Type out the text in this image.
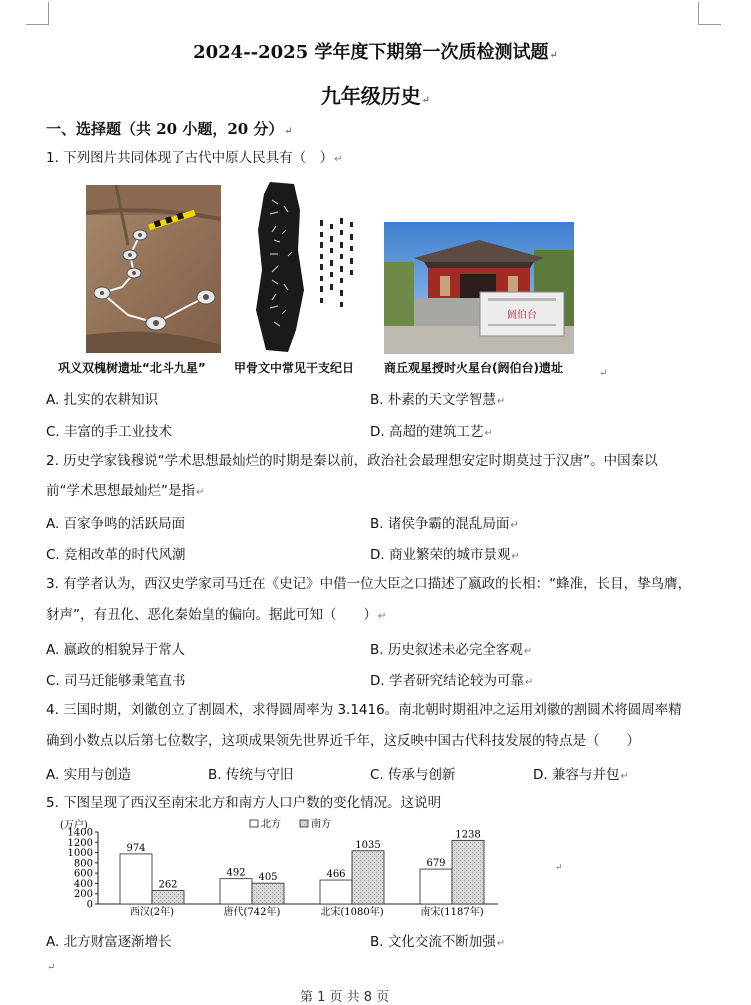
2024--2025 学年度下期第一次质检测试题↵
九年级历史↵
一、选择题（共 20 小题，20 分）↵
1. 下列图片共同体现了古代中原人民具有（　）↵
阏伯台
巩义双槐树遗址“北斗九星” 甲骨文中常见干支纪日 商丘观星授时火星台(阏伯台)遗址	↵
A. 扎实的农耕知识	B. 朴素的天文学智慧↵
C. 丰富的手工业技术	D. 高超的建筑工艺↵
2. 历史学家钱穆说“学术思想最灿烂的时期是秦以前，政治社会最理想安定时期莫过于汉唐”。中国秦以
前“学术思想最灿烂”是指↵
A. 百家争鸣的活跃局面	B. 诸侯争霸的混乱局面↵
C. 竞相改革的时代风潮	D. 商业繁荣的城市景观↵
3. 有学者认为，西汉史学家司马迁在《史记》中借一位大臣之口描述了嬴政的长相：“蜂准，长目，挚鸟膺，
豺声”，有丑化、恶化秦始皇的偏向。据此可知（　　）↵
A. 嬴政的相貌异于常人	B. 历史叙述未必完全客观↵
C. 司马迁能够秉笔直书	D. 学者研究结论较为可靠↵
4. 三国时期，刘徽创立了割圆术，求得圆周率为 3.1416。南北朝时期祖冲之运用刘徽的割圆术将圆周率精
确到小数点以后第七位数字，这项成果领先世界近千年，这反映中国古代科技发展的特点是（　　）
A. 实用与创造	B. 传统与守旧	C. 传承与创新	D. 兼容与并包↵
5. 下图呈现了西汉至南宋北方和南方人口户数的变化情况。这说明
(万户)
0
200
400
600
800
1000
1200
1400
北方	南方
974
262
西汉(2年)
492 405
唐代(742年)
466
1035
北宋(1080年)
679
1238
南宋(1187年)
↵
A. 北方财富逐渐增长	B. 文化交流不断加强↵
↵
第 1 页 共 8 页
